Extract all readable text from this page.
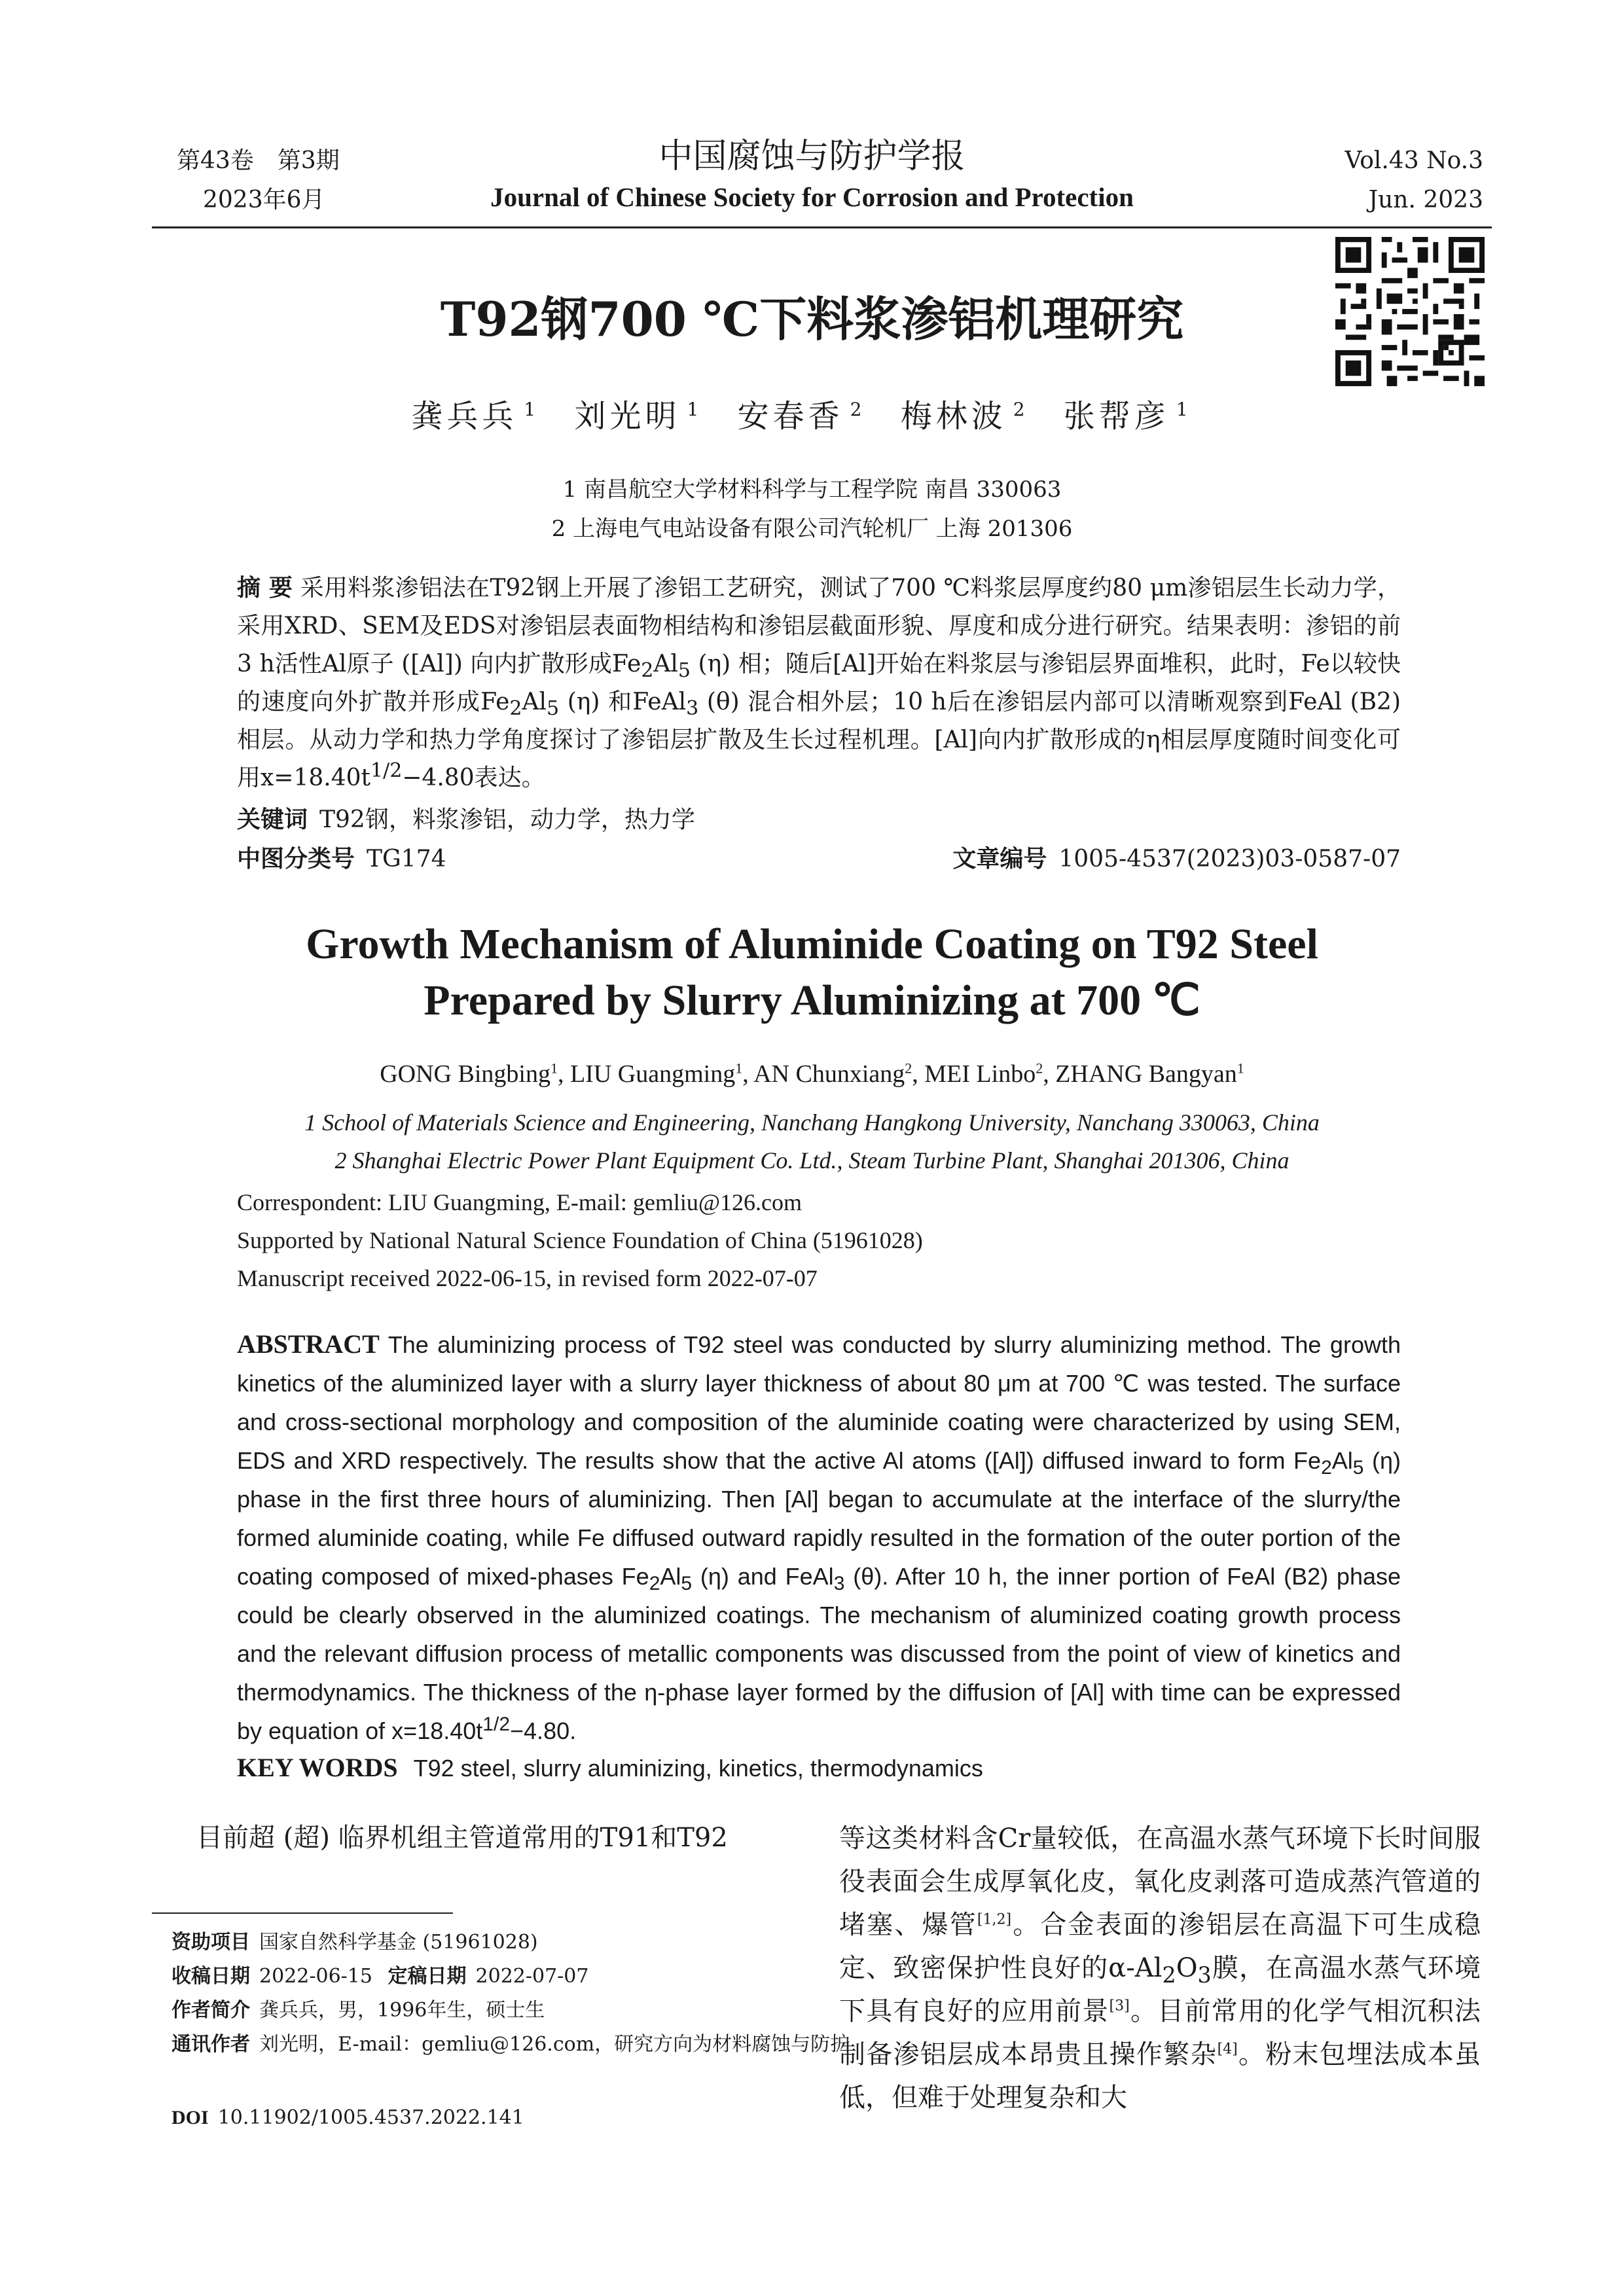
第43卷　第3期
2023年6月
中国腐蚀与防护学报
Journal of Chinese Society for Corrosion and Protection
Vol.43 No.3
Jun. 2023
T92钢700 ℃下料浆渗铝机理研究
龚兵兵 $^1$ 刘光明 $^1$ 安春香 $^2$ 梅林波 $^2$ 张帮彦 $^1$
1 南昌航空大学材料科学与工程学院 南昌 330063
2 上海电气电站设备有限公司汽轮机厂 上海 201306
摘 要 采用料浆渗铝法在T92钢上开展了渗铝工艺研究，测试了700 ℃料浆层厚度约80 μm渗铝层生长动力学，采用XRD、SEM及EDS对渗铝层表面物相结构和渗铝层截面形貌、厚度和成分进行研究。结果表明：渗铝的前3 h活性Al原子 ([Al]) 向内扩散形成$Fe_2Al_5$ (η) 相；随后[Al]开始在料浆层与渗铝层界面堆积，此时，Fe以较快的速度向外扩散并形成$Fe_2Al_5$ (η) 和FeAl$_3$ (θ) 混合相外层；10 h后在渗铝层内部可以清晰观察到FeAl (B2) 相层。从动力学和热力学角度探讨了渗铝层扩散及生长过程机理。[Al]向内扩散形成的η相层厚度随时间变化可用$x=18.40t^{1/2}-4.80$表达。
关键词 T92钢，料浆渗铝，动力学，热力学
中图分类号 TG174	文章编号 1005-4537(2023)03-0587-07
Growth Mechanism of Aluminide Coating on T92 Steel
Prepared by Slurry Aluminizing at 700 ℃
GONG Bingbing$^1$, LIU Guangming$^1$, AN Chunxiang$^2$, MEI Linbo$^2$, ZHANG Bangyan$^1$
1 School of Materials Science and Engineering, Nanchang Hangkong University, Nanchang 330063, China
2 Shanghai Electric Power Plant Equipment Co. Ltd., Steam Turbine Plant, Shanghai 201306, China
Correspondent: LIU Guangming, E-mail: gemliu@126.com
Supported by National Natural Science Foundation of China (51961028)
Manuscript received 2022-06-15, in revised form 2022-07-07
ABSTRACT The aluminizing process of T92 steel was conducted by slurry aluminizing method. The growth kinetics of the aluminized layer with a slurry layer thickness of about 80 μm at 700 ℃ was tested. The surface and cross-sectional morphology and composition of the aluminide coating were characterized by using SEM, EDS and XRD respectively. The results show that the active Al atoms ([Al]) diffused inward to form $Fe_2Al_5$ (η) phase in the first three hours of aluminizing. Then [Al] began to accumulate at the interface of the slurry/the formed aluminide coating, while Fe diffused outward rapidly resulted in the formation of the outer portion of the coating composed of mixed-phases $Fe_2Al_5$ (η) and FeAl$_3$ (θ). After 10 h, the inner portion of FeAl (B2) phase could be clearly observed in the aluminized coatings. The mechanism of aluminized coating growth process and the relevant diffusion process of metallic components was discussed from the point of view of kinetics and thermodynamics. The thickness of the η-phase layer formed by the diffusion of [Al] with time can be expressed by equation of $x=18.40t^{1/2}-4.80$.
KEY WORDS T92 steel, slurry aluminizing, kinetics, thermodynamics
目前超 (超) 临界机组主管道常用的T91和T92
资助项目 国家自然科学基金 (51961028)
收稿日期 2022-06-15 定稿日期 2022-07-07
作者简介 龚兵兵，男，1996年生，硕士生
通讯作者 刘光明，E-mail：gemliu@126.com，研究方向为材料腐蚀与防护
DOI 10.11902/1005.4537.2022.141
等这类材料含Cr量较低，在高温水蒸气环境下长时间服役表面会生成厚氧化皮，氧化皮剥落可造成蒸汽管道的堵塞、爆管[1,2]。合金表面的渗铝层在高温下可生成稳定、致密保护性良好的$\alpha-Al_2O_3$膜，在高温水蒸气环境下具有良好的应用前景[3]。目前常用的化学气相沉积法制备渗铝层成本昂贵且操作繁杂[4]。粉末包埋法成本虽低，但难于处理复杂和大
